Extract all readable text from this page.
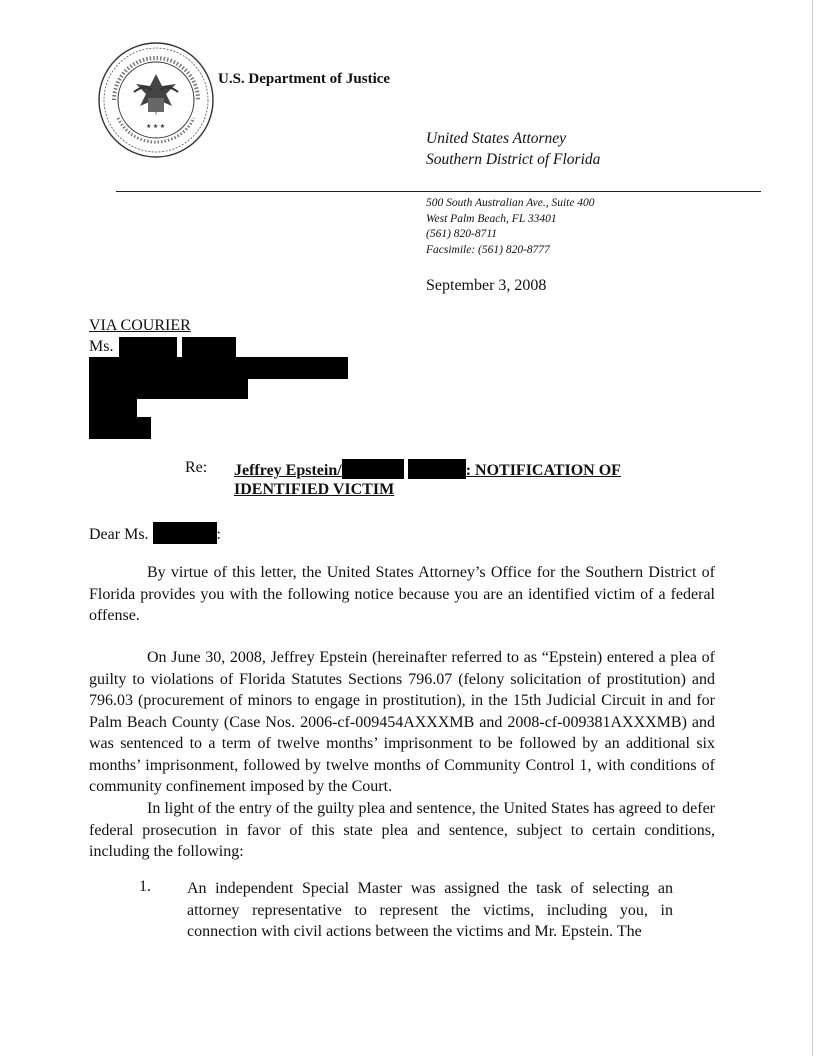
★ ★ ★
U.S. Department of Justice
United States Attorney
Southern District of Florida
500 South Australian Ave., Suite 400
West Palm Beach, FL 33401
(561) 820-8711
Facsimile: (561) 820-8777
September 3, 2008
VIA COURIER
Ms.
Re: Jeffrey Epstein/	: NOTIFICATION OF
IDENTIFIED VICTIM
Dear Ms.	:

By virtue of this letter, the United States Attorney’s Office for the Southern District of Florida provides you with the following notice because you are an identified victim of a federal offense.

On June 30, 2008, Jeffrey Epstein (hereinafter referred to as “Epstein) entered a plea of guilty to violations of Florida Statutes Sections 796.07 (felony solicitation of prostitution) and 796.03 (procurement of minors to engage in prostitution), in the 15th Judicial Circuit in and for Palm Beach County (Case Nos. 2006-cf-009454AXXXMB and 2008-cf-009381AXXXMB) and was sentenced to a term of twelve months’ imprisonment to be followed by an additional six months’ imprisonment, followed by twelve months of Community Control 1, with conditions of community confinement imposed by the Court.

In light of the entry of the guilty plea and sentence, the United States has agreed to defer federal prosecution in favor of this state plea and sentence, subject to certain conditions, including the following:

1. An independent Special Master was assigned the task of selecting an attorney representative to represent the victims, including you, in connection with civil actions between the victims and Mr. Epstein. The
